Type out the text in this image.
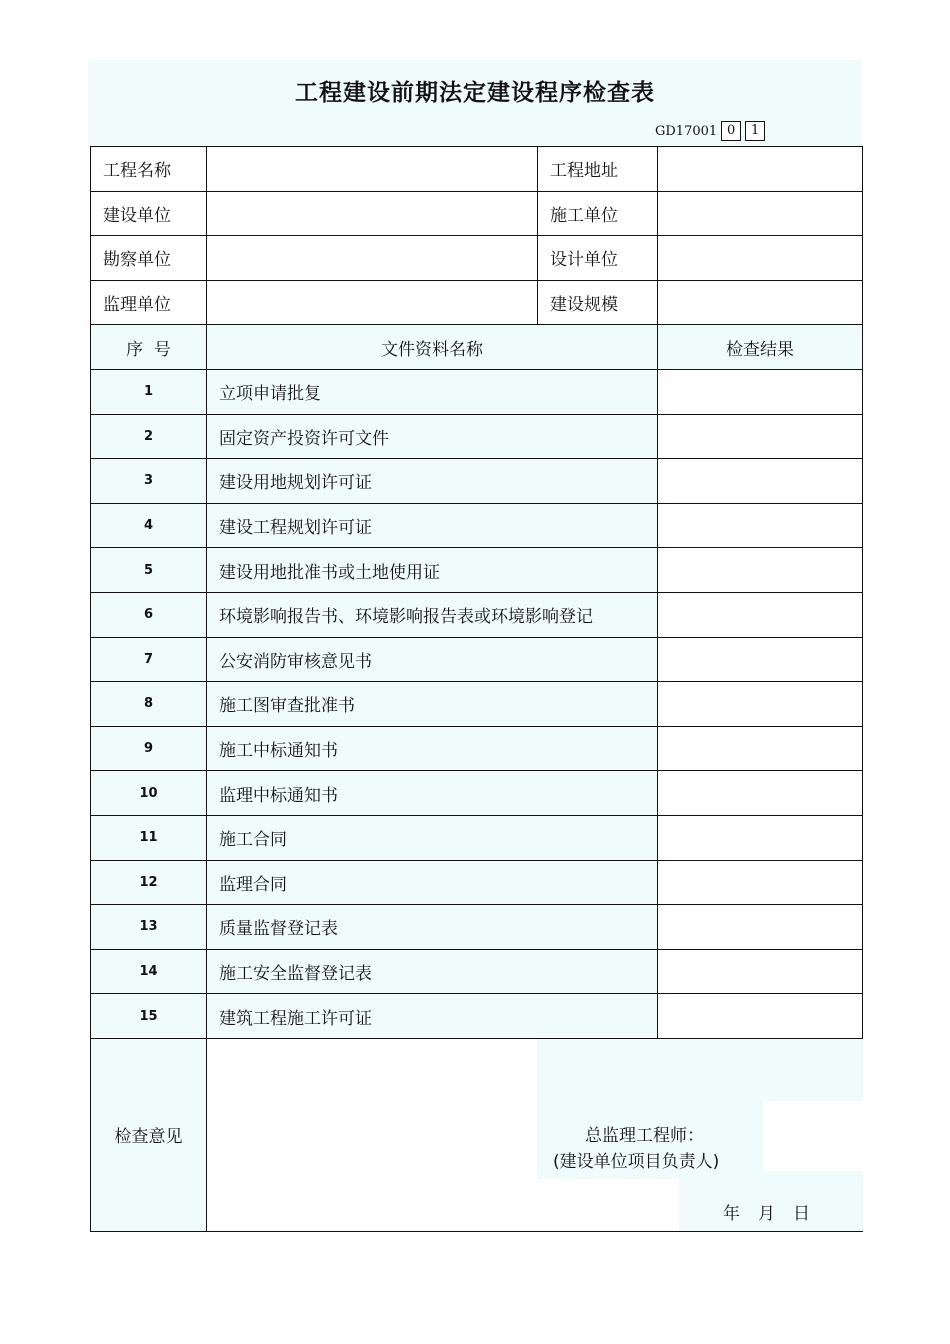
工程建设前期法定建设程序检查表
GD17001 0	1
工程名称		工程地址	
建设单位		施工单位	
勘察单位		设计单位	
监理单位		建设规模	
序  号	文件资料名称		检查结果
1	立项申请批复		
2	固定资产投资许可文件		
3	建设用地规划许可证		
4	建设工程规划许可证		
5	建设用地批准书或土地使用证		
6	环境影响报告书、环境影响报告表或环境影响登记		
7	公安消防审核意见书		
8	施工图审查批准书		
9	施工中标通知书		
10	监理中标通知书		
11	施工合同		
12	监理合同		
13	质量监督登记表		
14	施工安全监督登记表		
15	建筑工程施工许可证		
检查意见	总监理工程师：
(建设单位项目负责人)
年 月 日		
